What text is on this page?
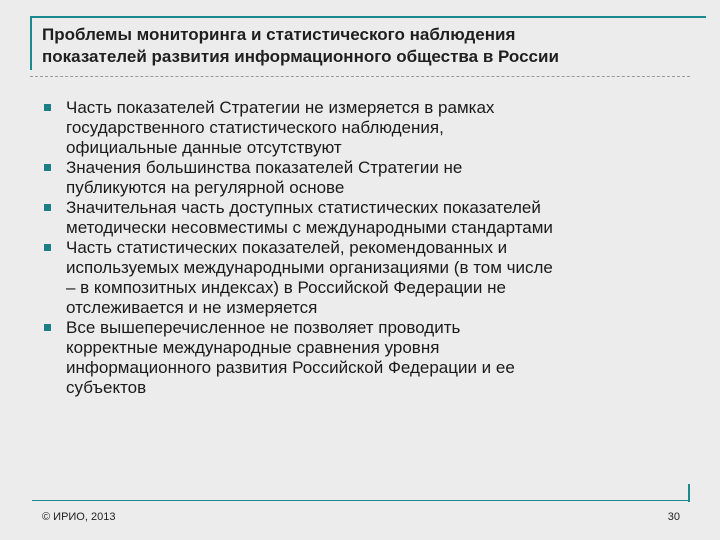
Проблемы мониторинга и статистического наблюдения
показателей развития информационного общества в России
Часть показателей Стратегии не измеряется в рамках
государственного статистического наблюдения,
официальные данные отсутствуют
Значения большинства показателей Стратегии не
публикуются на регулярной основе
Значительная часть доступных статистических показателей
методически несовместимы с международными стандартами
Часть статистических показателей, рекомендованных и
используемых международными организациями (в том числе
– в композитных индексах) в Российской Федерации не
отслеживается и не измеряется
Все вышеперечисленное не позволяет проводить
корректные международные сравнения уровня
информационного развития Российской Федерации и ее
субъектов
© ИРИО, 2013	30
